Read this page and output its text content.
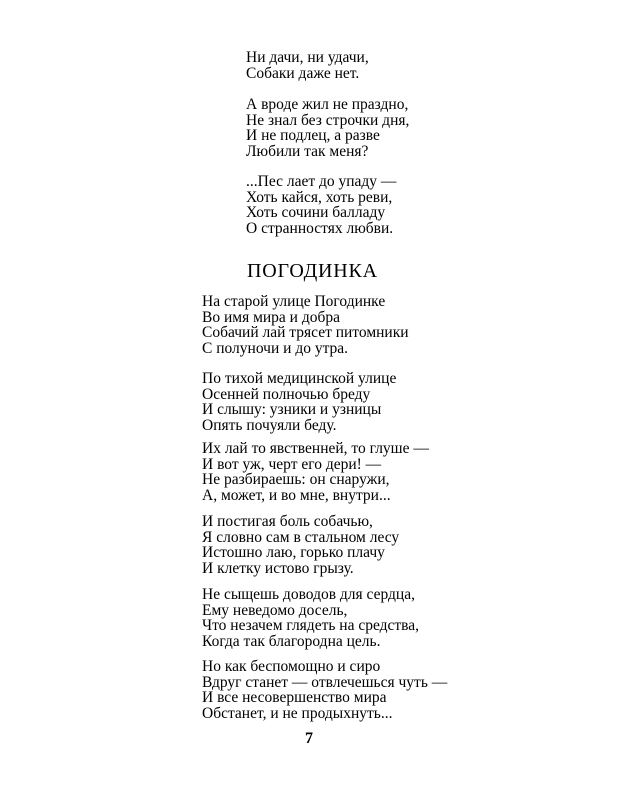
Ни дачи, ни удачи,
Собаки даже нет.
А вроде жил не праздно,
Не знал без строчки дня,
И не подлец, а разве
Любили так меня?
...Пес лает до упаду —
Хоть кайся, хоть реви,
Хоть сочини балладу
О странностях любви.
ПОГОДИНКА
На старой улице Погодинке
Во имя мира и добра
Собачий лай трясет питомники
С полуночи и до утра.
По тихой медицинской улице
Осенней полночью бреду
И слышу: узники и узницы
Опять почуяли беду.
Их лай то явственней, то глуше —
И вот уж, черт его дери! —
Не разбираешь: он снаружи,
А, может, и во мне, внутри...
И постигая боль собачью,
Я словно сам в стальном лесу
Истошно лаю, горько плачу
И клетку истово грызу.
Не сыщешь доводов для сердца,
Ему неведомо досель,
Что незачем глядеть на средства,
Когда так благородна цель.
Но как беспомощно и сиро
Вдруг станет — отвлечешься чуть —
И все несовершенство мира
Обстанет, и не продыхнуть...
7
